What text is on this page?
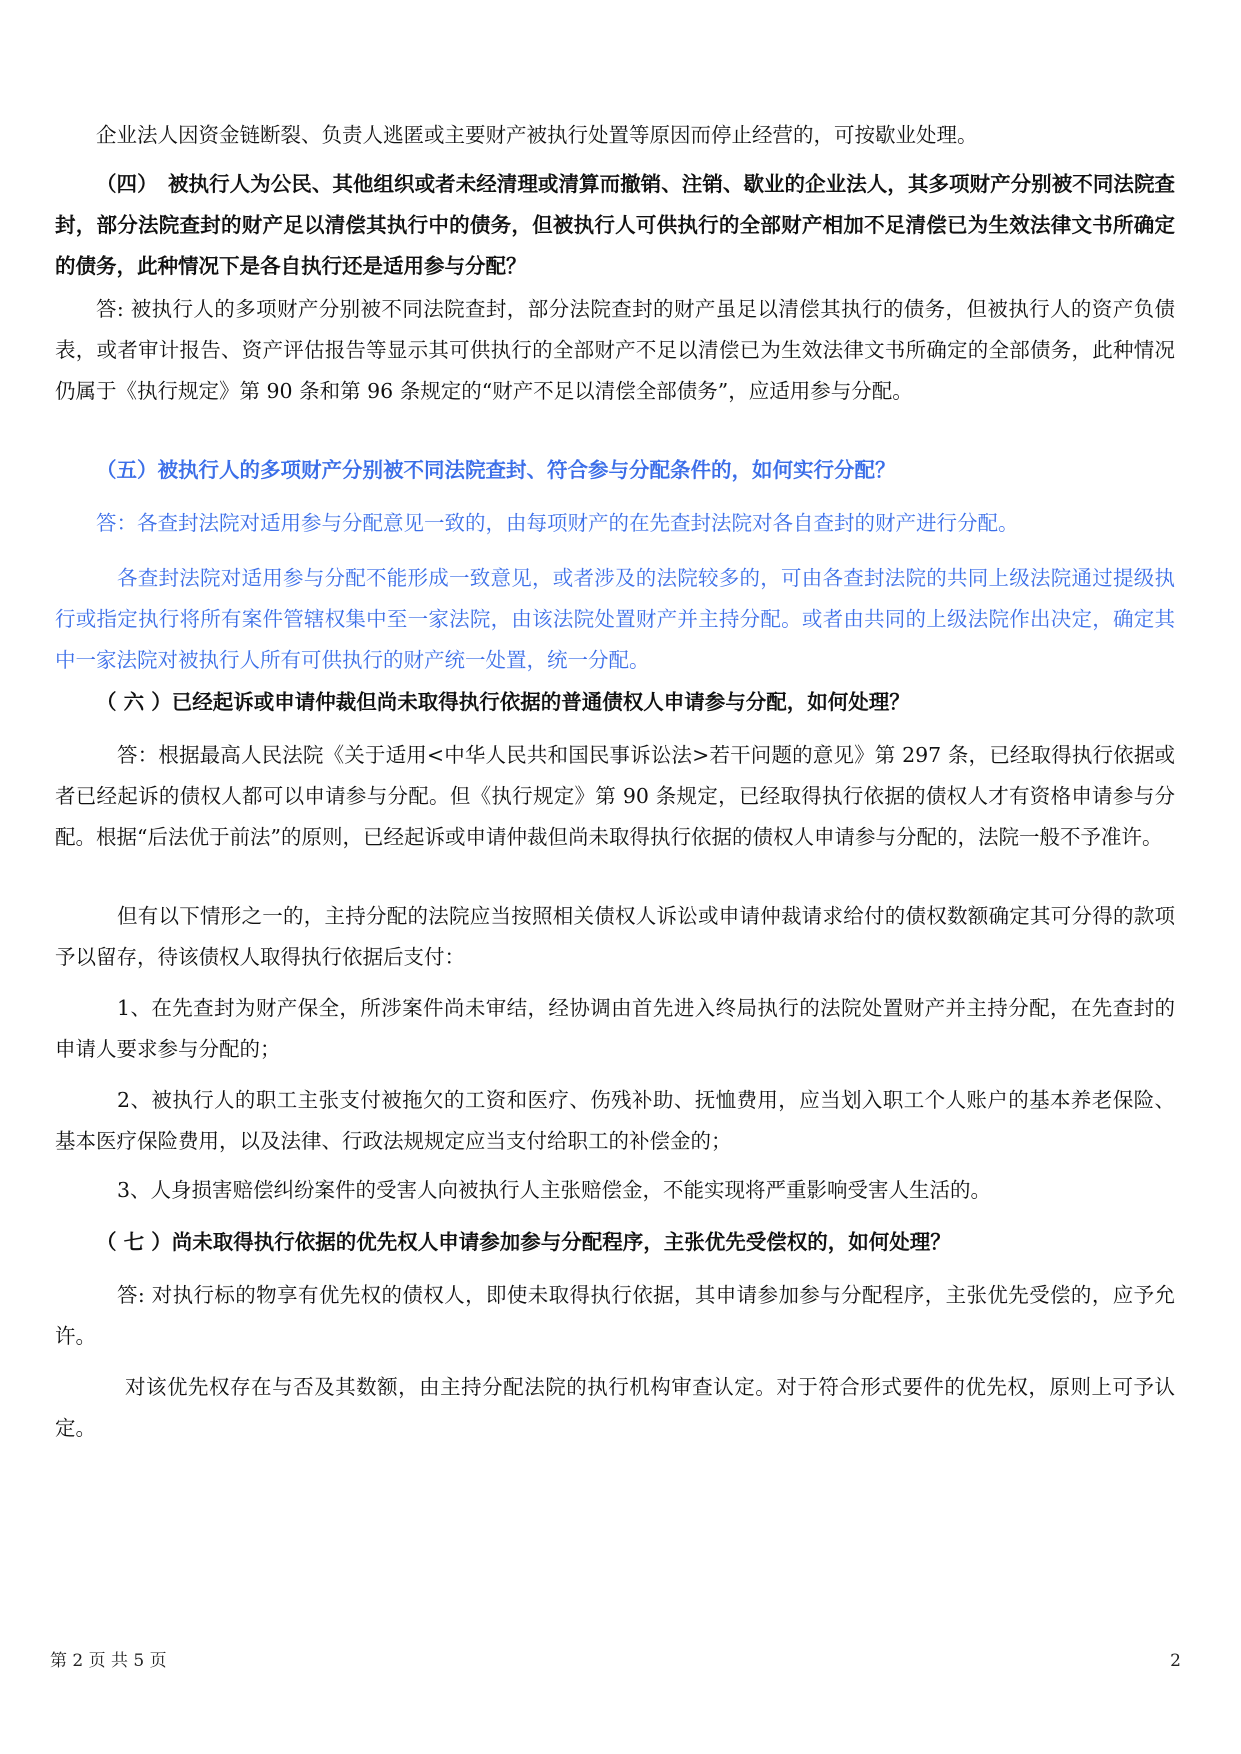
企业法人因资金链断裂、负责人逃匿或主要财产被执行处置等原因而停止经营的，可按歇业处理。

（四）　被执行人为公民、其他组织或者未经清理或清算而撤销、注销、歇业的企业法人，其多项财产分别被不同法院查封，部分法院查封的财产足以清偿其执行中的债务，但被执行人可供执行的全部财产相加不足清偿已为生效法律文书所确定的债务，此种情况下是各自执行还是适用参与分配？

答: 被执行人的多项财产分别被不同法院查封，部分法院查封的财产虽足以清偿其执行的债务，但被执行人的资产负债表，或者审计报告、资产评估报告等显示其可供执行的全部财产不足以清偿已为生效法律文书所确定的全部债务，此种情况仍属于《执行规定》第 90 条和第 96 条规定的“财产不足以清偿全部债务”，应适用参与分配。

（五）被执行人的多项财产分别被不同法院查封、符合参与分配条件的，如何实行分配？

答：各查封法院对适用参与分配意见一致的，由每项财产的在先查封法院对各自查封的财产进行分配。

各查封法院对适用参与分配不能形成一致意见，或者涉及的法院较多的，可由各查封法院的共同上级法院通过提级执行或指定执行将所有案件管辖权集中至一家法院，由该法院处置财产并主持分配。或者由共同的上级法院作出决定，确定其中一家法院对被执行人所有可供执行的财产统一处置，统一分配。

（ 六 ）已经起诉或申请仲裁但尚未取得执行依据的普通债权人申请参与分配，如何处理？

答：根据最高人民法院《关于适用<中华人民共和国民事诉讼法>若干问题的意见》第 297 条，已经取得执行依据或者已经起诉的债权人都可以申请参与分配。但《执行规定》第 90 条规定，已经取得执行依据的债权人才有资格申请参与分配。根据“后法优于前法”的原则，已经起诉或申请仲裁但尚未取得执行依据的债权人申请参与分配的，法院一般不予准许。

但有以下情形之一的，主持分配的法院应当按照相关债权人诉讼或申请仲裁请求给付的债权数额确定其可分得的款项予以留存，待该债权人取得执行依据后支付：

1、在先查封为财产保全，所涉案件尚未审结，经协调由首先进入终局执行的法院处置财产并主持分配，在先查封的申请人要求参与分配的；

2、被执行人的职工主张支付被拖欠的工资和医疗、伤残补助、抚恤费用，应当划入职工个人账户的基本养老保险、基本医疗保险费用，以及法律、行政法规规定应当支付给职工的补偿金的；

3、人身损害赔偿纠纷案件的受害人向被执行人主张赔偿金，不能实现将严重影响受害人生活的。

（ 七 ）尚未取得执行依据的优先权人申请参加参与分配程序，主张优先受偿权的，如何处理？

答: 对执行标的物享有优先权的债权人，即使未取得执行依据，其申请参加参与分配程序，主张优先受偿的，应予允许。

对该优先权存在与否及其数额，由主持分配法院的执行机构审查认定。对于符合形式要件的优先权，原则上可予认定。

第 2 页 共 5 页	2
